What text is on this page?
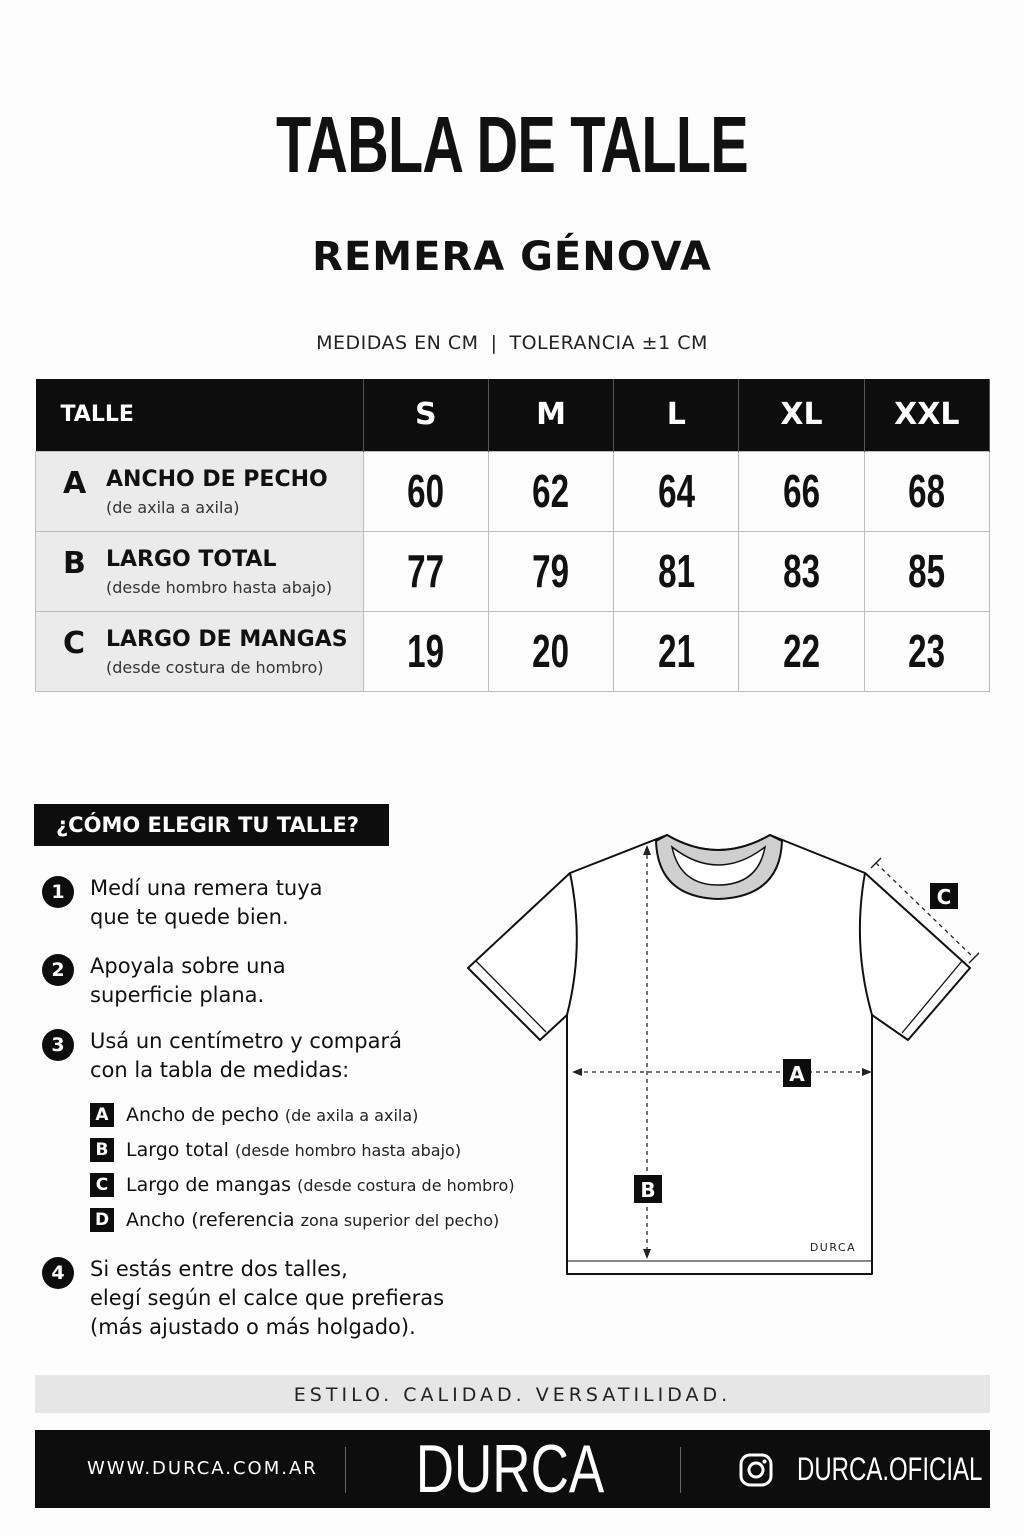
TABLA DE TALLE
REMERA GÉNOVA
MEDIDAS EN CM | TOLERANCIA ±1 CM
TALLE	S	M	L	XL	XXL

A ANCHO DE PECHO
(de axila a axila)	60	62	64	66	68

B LARGO TOTAL
(desde hombro hasta abajo)	77	79	81	83	85

C LARGO DE MANGAS
(desde costura de hombro)	19	20	21	22	23
¿CÓMO ELEGIR TU TALLE?
1	Medí una remera tuya
que te quede bien.
2	Apoyala sobre una
superficie plana.
3	Usá un centímetro y compará
con la tabla de medidas:
A Ancho de pecho (de axila a axila)
B Largo total (desde hombro hasta abajo)
C Largo de mangas (desde costura de hombro)
D Ancho (referencia zona superior del pecho)
4	Si estás entre dos talles,
elegí según el calce que prefieras
(más ajustado o más holgado).
A
B
C
DURCA
ESTILO. CALIDAD. VERSATILIDAD.
WWW.DURCA.COM.AR	DURCA	DURCA.OFICIAL
